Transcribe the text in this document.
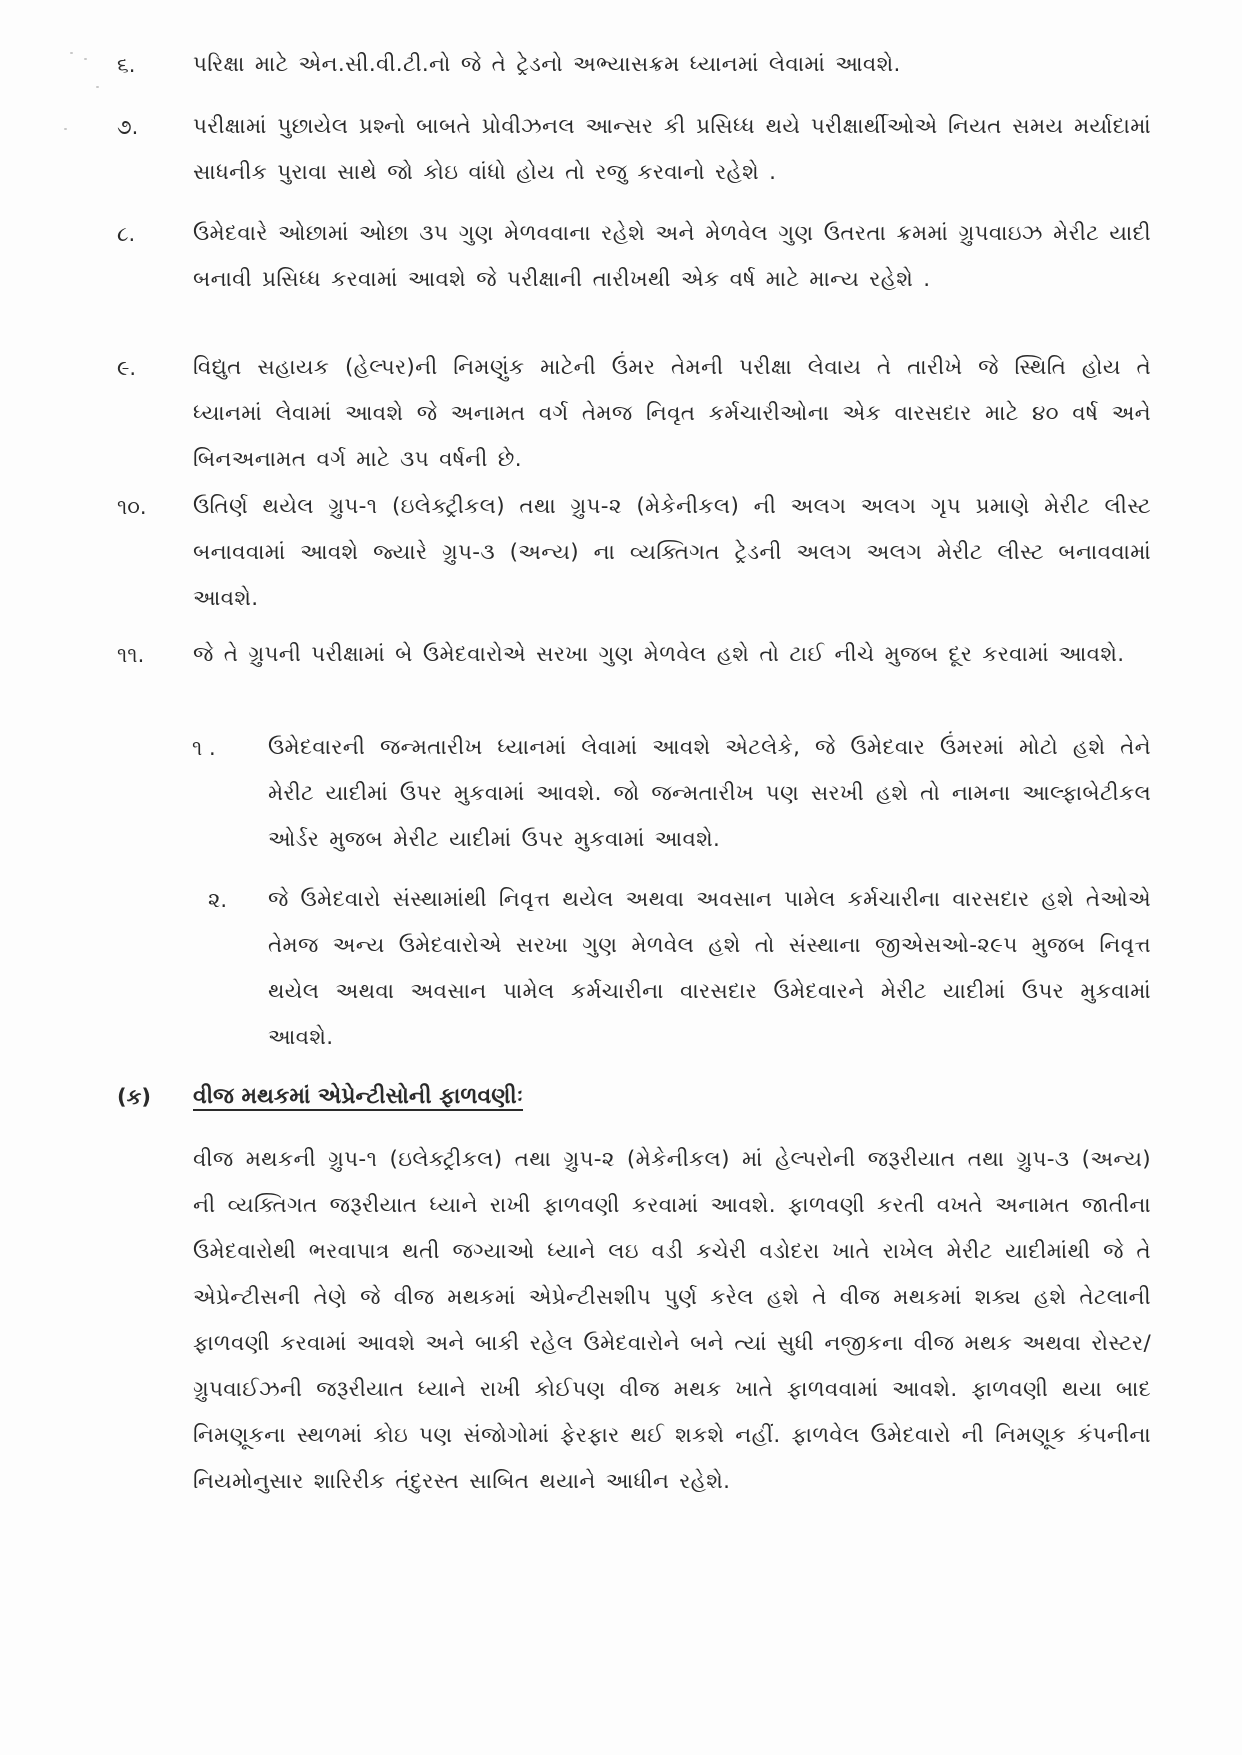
૬.	પરિક્ષા માટે એન.સી.વી.ટી.નો જે તે ટ્રેડનો અભ્યાસક્રમ ધ્યાનમાં લેવામાં આવશે.
૭.	પરીક્ષામાં પુછાયેલ પ્રશ્નો બાબતે પ્રોવીઝનલ આન્સર કી પ્રસિધ્ધ થયે પરીક્ષાર્થીઓએ નિયત સમય મર્યાદામાં સાધનીક પુરાવા સાથે જો કોઇ વાંધો હોય તો રજુ કરવાનો રહેશે .
૮.	ઉમેદવારે ઓછામાં ઓછા ૩૫ ગુણ મેળવવાના રહેશે અને મેળવેલ ગુણ ઉતરતા ક્રમમાં ગ્રુપવાઇઝ મેરીટ યાદી બનાવી પ્રસિધ્ધ કરવામાં આવશે જે પરીક્ષાની તારીખથી એક વર્ષ માટે માન્ય રહેશે .
૯.	વિદ્યુત સહાયક (હેલ્પર)ની નિમણુંક માટેની ઉંમર તેમની પરીક્ષા લેવાય તે તારીખે જે સ્થિતિ હોય તે ધ્યાનમાં લેવામાં આવશે જે અનામત વર્ગ તેમજ નિવૃત કર્મચારીઓના એક વારસદાર માટે ૪૦ વર્ષ અને બિનઅનામત વર્ગ માટે ૩૫ વર્ષની છે.
૧૦. ઉતિર્ણ થયેલ ગ્રુપ-૧ (ઇલેક્ટ્રીકલ) તથા ગ્રુપ-૨ (મેકેનીકલ) ની અલગ અલગ ગૃપ પ્રમાણે મેરીટ લીસ્ટ બનાવવામાં આવશે જ્યારે ગ્રુપ-૩ (અન્ય) ના વ્યક્તિગત ટ્રેડની અલગ અલગ મેરીટ લીસ્ટ બનાવવામાં આવશે.
૧૧. જે તે ગ્રુપની પરીક્ષામાં બે ઉમેદવારોએ સરખા ગુણ મેળવેલ હશે તો ટાઈ નીચે મુજબ દૂર કરવામાં આવશે.
૧ . ઉમેદવારની જન્મતારીખ ધ્યાનમાં લેવામાં આવશે એટલેકે, જે ઉમેદવાર ઉંમરમાં મોટો હશે તેને મેરીટ યાદીમાં ઉપર મુકવામાં આવશે. જો જન્મતારીખ પણ સરખી હશે તો નામના આલ્ફાબેટીકલ ઓર્ડર મુજબ મેરીટ યાદીમાં ઉપર મુકવામાં આવશે.
૨. જે ઉમેદવારો સંસ્થામાંથી નિવૃત્ત થયેલ અથવા અવસાન પામેલ કર્મચારીના વારસદાર હશે તેઓએ તેમજ અન્ય ઉમેદવારોએ સરખા ગુણ મેળવેલ હશે તો સંસ્થાના જીએસઓ-૨૯૫ મુજબ નિવૃત્ત થયેલ અથવા અવસાન પામેલ કર્મચારીના વારસદાર ઉમેદવારને મેરીટ યાદીમાં ઉપર મુકવામાં આવશે.
(ક) વીજ મથકમાં એપ્રેન્ટીસોની ફાળવણીઃ
વીજ મથકની ગ્રુપ-૧ (ઇલેક્ટ્રીકલ) તથા ગ્રુપ-૨ (મેકેનીકલ) માં હેલ્પરોની જરૂરીયાત તથા ગ્રુપ-૩ (અન્ય) ની વ્યક્તિગત જરૂરીયાત ધ્યાને રાખી ફાળવણી કરવામાં આવશે. ફાળવણી કરતી વખતે અનામત જાતીના ઉમેદવારોથી ભરવાપાત્ર થતી જગ્યાઓ ધ્યાને લઇ વડી કચેરી વડોદરા ખાતે રાખેલ મેરીટ યાદીમાંથી જે તે એપ્રેન્ટીસની તેણે જે વીજ મથકમાં એપ્રેન્ટીસશીપ પુર્ણ કરેલ હશે તે વીજ મથકમાં શક્ય હશે તેટલાની ફાળવણી કરવામાં આવશે અને બાકી રહેલ ઉમેદવારોને બને ત્યાં સુધી નજીકના વીજ મથક અથવા રોસ્ટર/ગ્રુપવાઈઝની જરૂરીયાત ધ્યાને રાખી કોઈપણ વીજ મથક ખાતે ફાળવવામાં આવશે. ફાળવણી થયા બાદ નિમણૂકના સ્થળમાં કોઇ પણ સંજોગોમાં ફેરફાર થઈ શકશે નહીં. ફાળવેલ ઉમેદવારો ની નિમણૂક કંપનીના નિયમોનુસાર શારિરીક તંદુરસ્ત સાબિત થયાને આધીન રહેશે.
